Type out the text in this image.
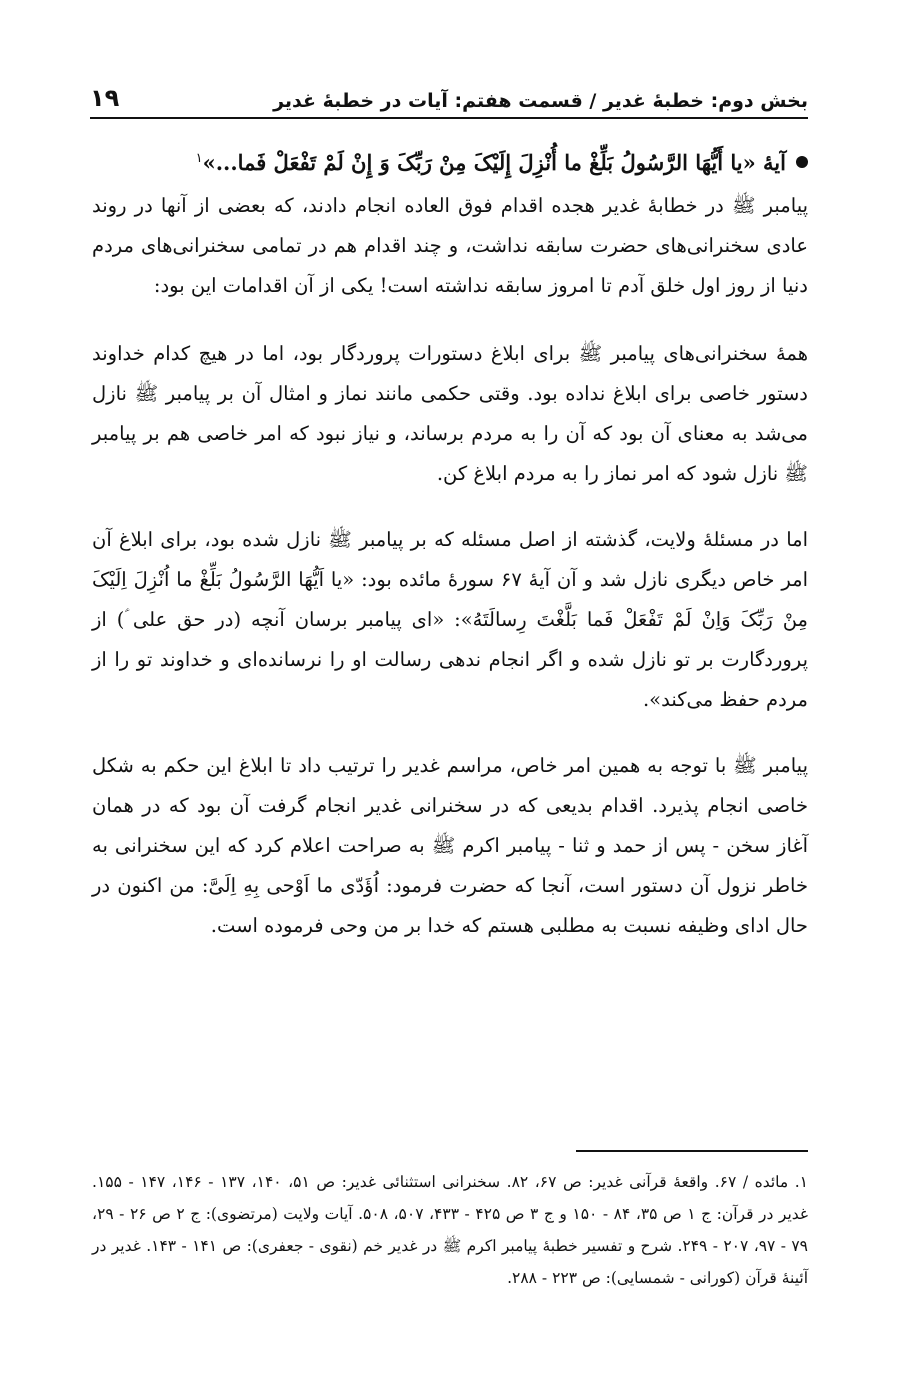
بخش دوم: خطبهٔ غدیر / قسمت هفتم: آیات در خطبهٔ غدیر
۱۹
آیهٔ «یا أَیُّهَا الرَّسُولُ بَلِّغْ ما أُنْزِلَ إِلَیْکَ مِنْ رَبِّکَ وَ إِنْ لَمْ تَفْعَلْ فَما...»$^۱$

پیامبر ﷺ در خطابهٔ غدیر هجده اقدام فوق العاده انجام دادند، که بعضی از آنها در روند عادی سخنرانی‌های حضرت سابقه نداشت، و چند اقدام هم در تمامی سخنرانی‌های مردم دنیا از روز اول خلق آدم تا امروز سابقه نداشته است! یکی از آن اقدامات این بود:

همهٔ سخنرانی‌های پیامبر ﷺ برای ابلاغ دستورات پروردگار بود، اما در هیچ کدام خداوند دستور خاصی برای ابلاغ نداده بود. وقتی حکمی مانند نماز و امثال آن بر پیامبر ﷺ نازل می‌شد به معنای آن بود که آن را به مردم برساند، و نیاز نبود که امر خاصی هم بر پیامبر ﷺ نازل شود که امر نماز را به مردم ابلاغ کن.

اما در مسئلهٔ ولایت، گذشته از اصل مسئله که بر پیامبر ﷺ نازل شده بود، برای ابلاغ آن امر خاص دیگری نازل شد و آن آیهٔ ۶۷ سورهٔ مائده بود: «یا اَیُّهَا الرَّسُولُ بَلِّغْ ما اُنْزِلَ اِلَیْکَ مِنْ رَبِّکَ وَاِنْ لَمْ تَفْعَلْ فَما بَلَّغْتَ رِسالَتَهُ»: «ای پیامبر برسان آنچه (در حق علی ؑ) از پروردگارت بر تو نازل شده و اگر انجام ندهی رسالت او را نرسانده‌ای و خداوند تو را از مردم حفظ می‌کند».

پیامبر ﷺ با توجه به همین امر خاص، مراسم غدیر را ترتیب داد تا ابلاغ این حکم به شکل خاصی انجام پذیرد. اقدام بدیعی که در سخنرانی غدیر انجام گرفت آن بود که در همان آغاز سخن - پس از حمد و ثنا - پیامبر اکرم ﷺ به صراحت اعلام کرد که این سخنرانی به خاطر نزول آن دستور است، آنجا که حضرت فرمود: اُؤَدّی ما اَوْحی بِهِ اِلَیَّ: من اکنون در حال ادای وظیفه نسبت به مطلبی هستم که خدا بر من وحی فرموده است.

۱. مائده / ۶۷. واقعهٔ قرآنی غدیر: ص ۶۷، ۸۲. سخنرانی استثنائی غدیر: ص ۵۱، ۱۴۰، ۱۳۷ - ۱۴۶، ۱۴۷ - ۱۵۵. غدیر در قرآن: ج ۱ ص ۳۵، ۸۴ - ۱۵۰ و ج ۳ ص ۴۲۵ - ۴۳۳، ۵۰۷، ۵۰۸. آیات ولایت (مرتضوی): ج ۲ ص ۲۶ - ۲۹، ۷۹ - ۹۷، ۲۰۷ - ۲۴۹. شرح و تفسیر خطبهٔ پیامبر اکرم ﷺ در غدیر خم (نقوی - جعفری): ص ۱۴۱ - ۱۴۳. غدیر در آئینهٔ قرآن (کورانی - شمسایی): ص ۲۲۳ - ۲۸۸.
